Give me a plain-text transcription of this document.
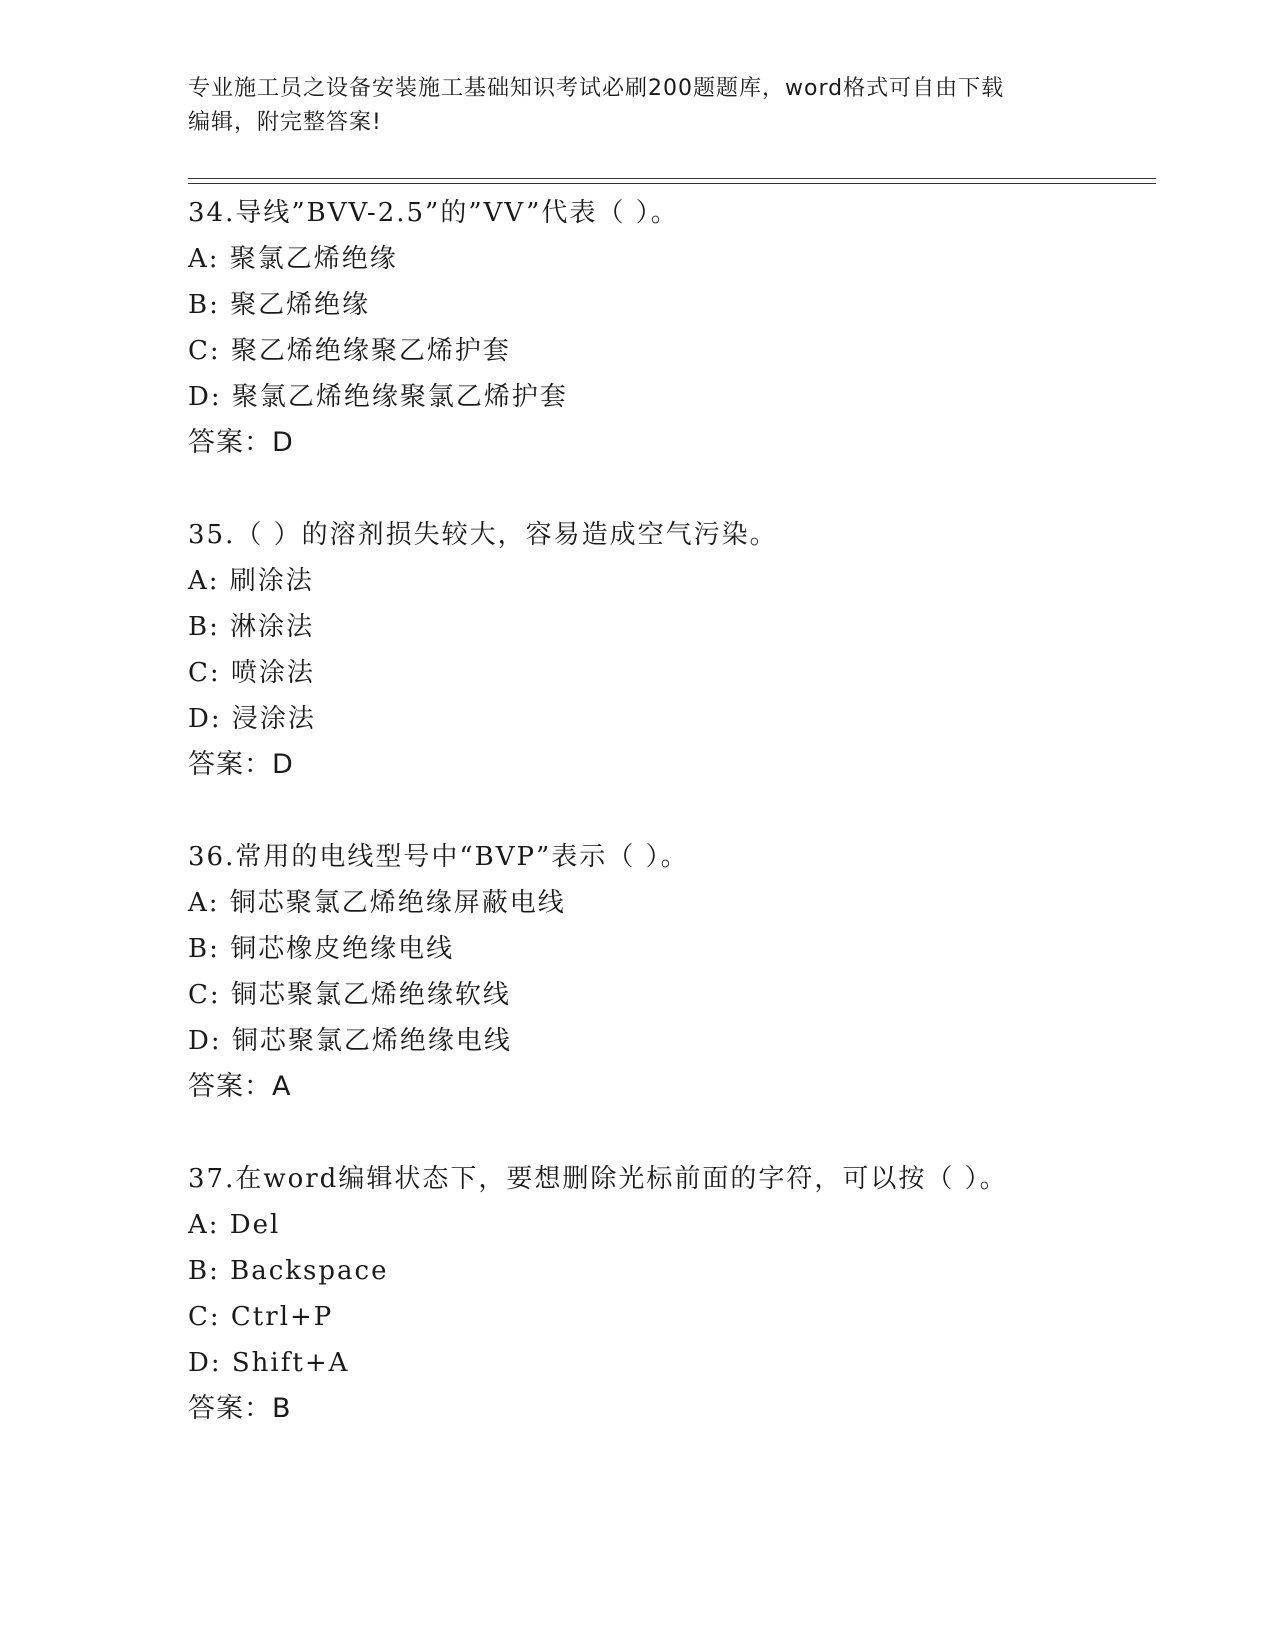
专业施工员之设备安装施工基础知识考试必刷200题题库，word格式可自由下载
编辑，附完整答案!
34.导线”BVV-2.5”的”VV”代表（ ）。
A: 聚氯乙烯绝缘
B: 聚乙烯绝缘
C: 聚乙烯绝缘聚乙烯护套
D: 聚氯乙烯绝缘聚氯乙烯护套
答案：D
35.（ ）的溶剂损失较大，容易造成空气污染。
A: 刷涂法
B: 淋涂法
C: 喷涂法
D: 浸涂法
答案：D
36.常用的电线型号中“BVP”表示（ ）。
A: 铜芯聚氯乙烯绝缘屏蔽电线
B: 铜芯橡皮绝缘电线
C: 铜芯聚氯乙烯绝缘软线
D: 铜芯聚氯乙烯绝缘电线
答案：A
37.在word编辑状态下，要想删除光标前面的字符，可以按（ ）。
A: Del
B: Backspace
C: Ctrl+P
D: Shift+A
答案：B
